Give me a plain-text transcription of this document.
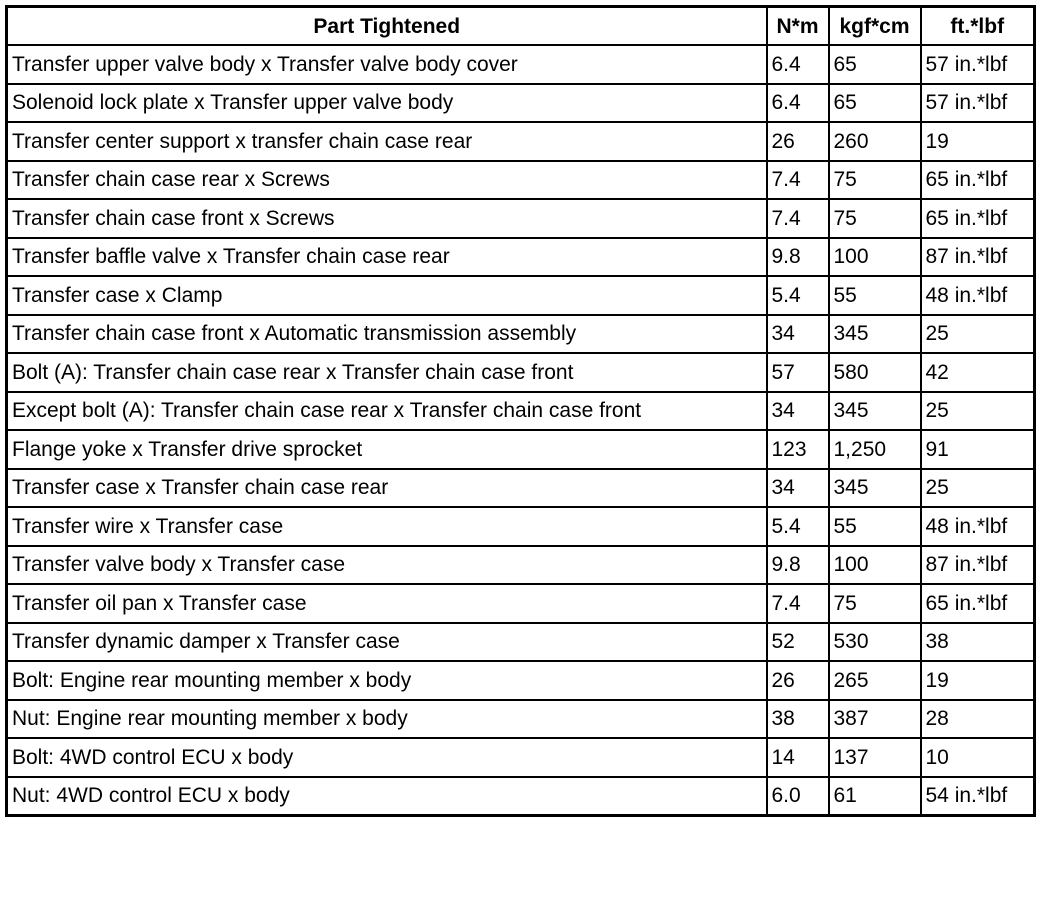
Part Tightened	N*m	kgf*cm	ft.*lbf
Transfer upper valve body x Transfer valve body cover	6.4	65	57 in.*lbf
Solenoid lock plate x Transfer upper valve body	6.4	65	57 in.*lbf
Transfer center support x transfer chain case rear	26	260	19
Transfer chain case rear x Screws	7.4	75	65 in.*lbf
Transfer chain case front x Screws	7.4	75	65 in.*lbf
Transfer baffle valve x Transfer chain case rear	9.8	100	87 in.*lbf
Transfer case x Clamp	5.4	55	48 in.*lbf
Transfer chain case front x Automatic transmission assembly	34	345	25
Bolt (A): Transfer chain case rear x Transfer chain case front	57	580	42
Except bolt (A): Transfer chain case rear x Transfer chain case front	34	345	25
Flange yoke x Transfer drive sprocket	123	1,250	91
Transfer case x Transfer chain case rear	34	345	25
Transfer wire x Transfer case	5.4	55	48 in.*lbf
Transfer valve body x Transfer case	9.8	100	87 in.*lbf
Transfer oil pan x Transfer case	7.4	75	65 in.*lbf
Transfer dynamic damper x Transfer case	52	530	38
Bolt: Engine rear mounting member x body	26	265	19
Nut: Engine rear mounting member x body	38	387	28
Bolt: 4WD control ECU x body	14	137	10
Nut: 4WD control ECU x body	6.0	61	54 in.*lbf
